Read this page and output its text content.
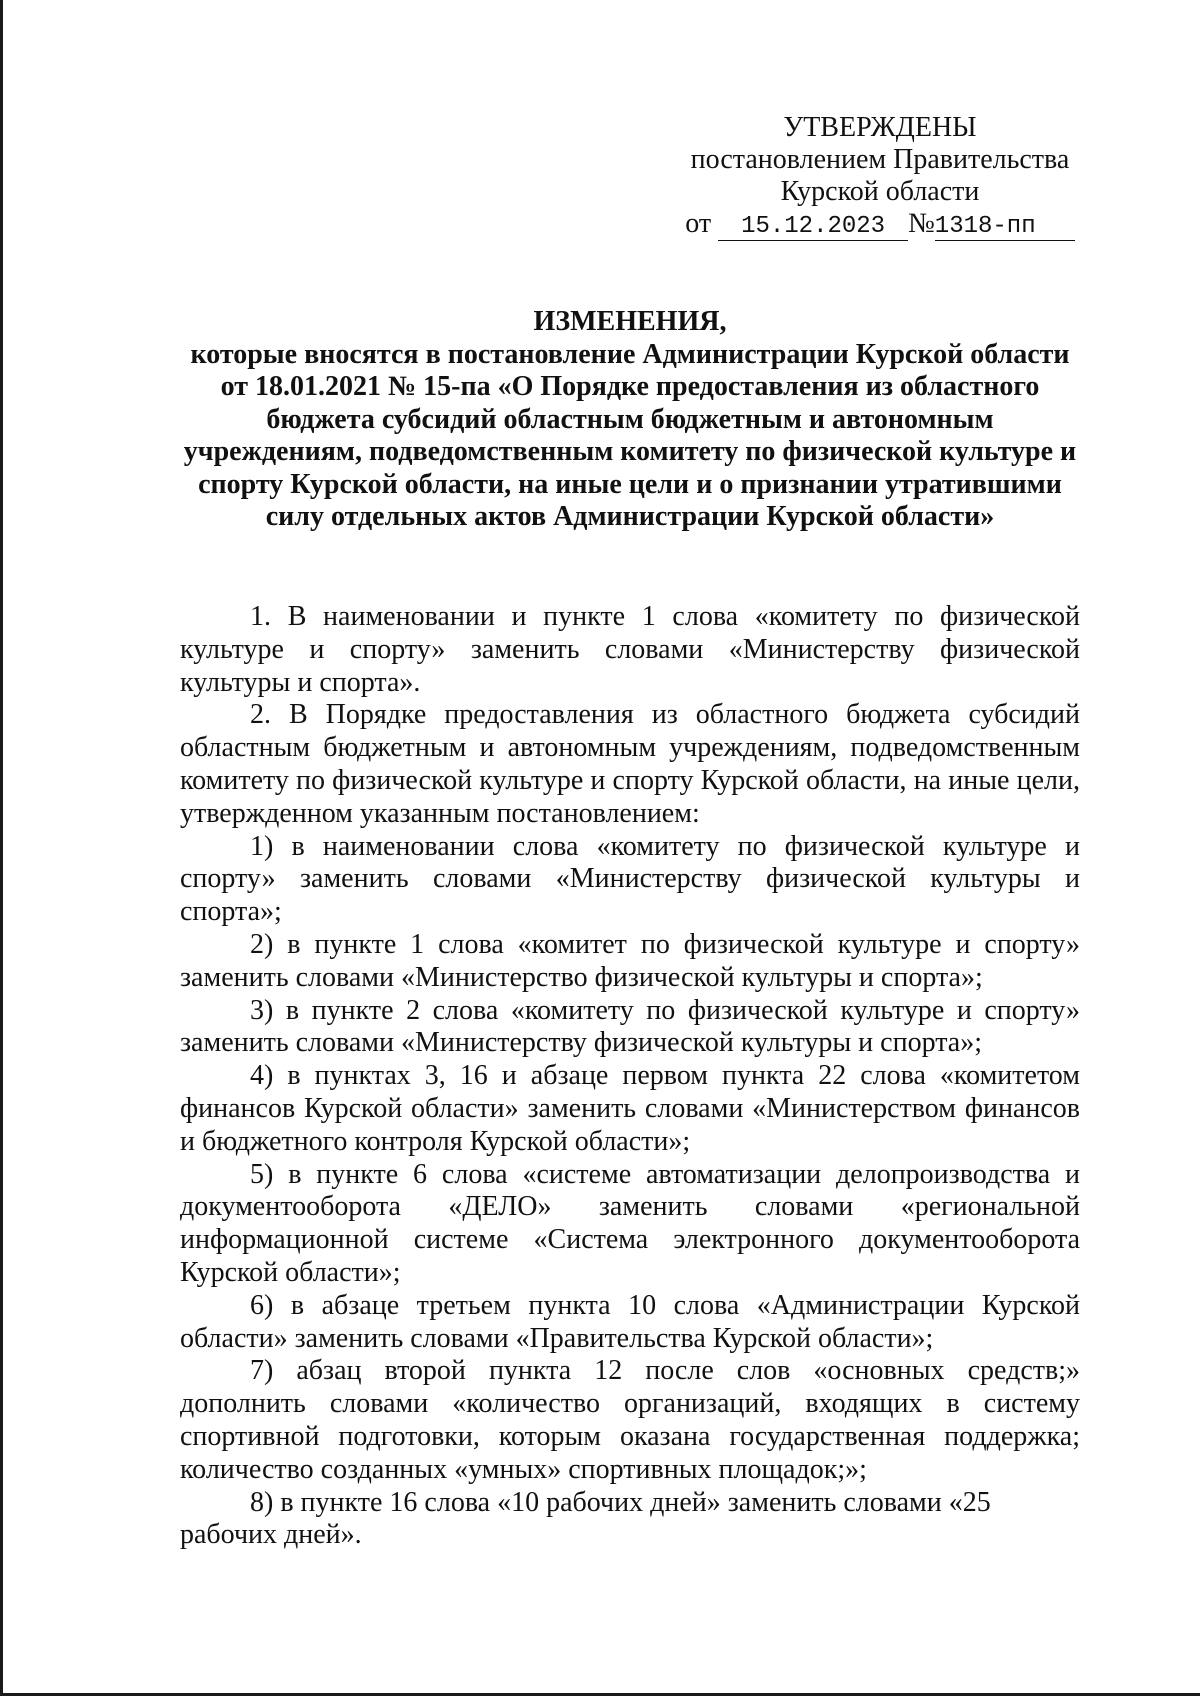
УТВЕРЖДЕНЫ
постановлением Правительства
Курской области
от 15.12.2023 №1318-пп
ИЗМЕНЕНИЯ,
которые вносятся в постановление Администрации Курской области
от 18.01.2021 № 15-па «О Порядке предоставления из областного
бюджета субсидий областным бюджетным и автономным
учреждениям, подведомственным комитету по физической культуре и
спорту Курской области, на иные цели и о признании утратившими
силу отдельных актов Администрации Курской области»

1. В наименовании и пункте 1 слова «комитету по физической культуре и спорту» заменить словами «Министерству физической культуры и спорта».

2. В Порядке предоставления из областного бюджета субсидий областным бюджетным и автономным учреждениям, подведомственным комитету по физической культуре и спорту Курской области, на иные цели, утвержденном указанным постановлением:

1) в наименовании слова «комитету по физической культуре и спорту» заменить словами «Министерству физической культуры и спорта»;

2) в пункте 1 слова «комитет по физической культуре и спорту» заменить словами «Министерство физической культуры и спорта»;

3) в пункте 2 слова «комитету по физической культуре и спорту» заменить словами «Министерству физической культуры и спорта»;

4) в пунктах 3, 16 и абзаце первом пункта 22 слова «комитетом финансов Курской области» заменить словами «Министерством финансов и бюджетного контроля Курской области»;

5) в пункте 6 слова «системе автоматизации делопроизводства и документооборота «ДЕЛО» заменить словами «региональной информационной системе «Система электронного документооборота Курской области»;

6) в абзаце третьем пункта 10 слова «Администрации Курской области» заменить словами «Правительства Курской области»;

7) абзац второй пункта 12 после слов «основных средств;» дополнить словами «количество организаций, входящих в систему спортивной подготовки, которым оказана государственная поддержка; количество созданных «умных» спортивных площадок;»;

8) в пункте 16 слова «10 рабочих дней» заменить словами «25 рабочих дней».
